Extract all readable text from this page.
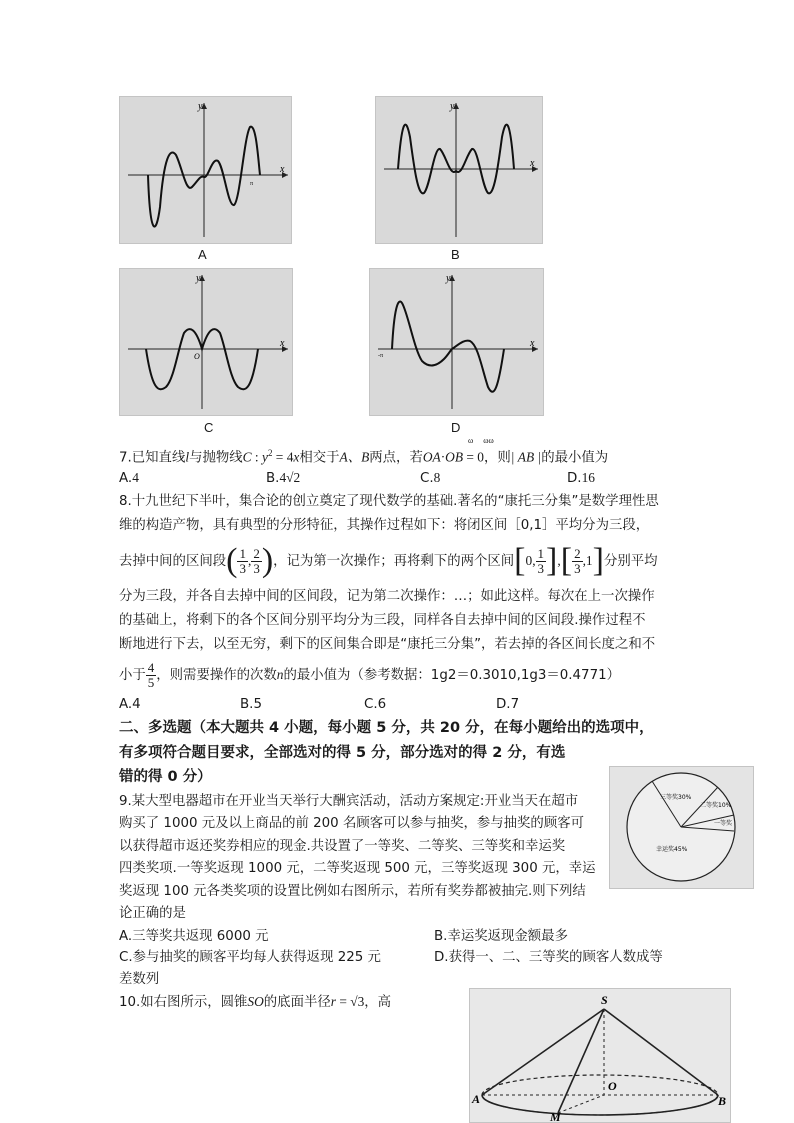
y
x
π
A
y
x
B
y
x
O
C
y
x
-π
D
ω     ωω
7.已知直线l与抛物线C : $y^2 = 4x$相交于A、B两点，若OA·OB = 0，则| AB |的最小值为
A.4	B.4√2	C.8	D.16
8.十九世纪下半叶，集合论的创立奠定了现代数学的基础.著名的“康托三分集”是数学理性思
维的构造产物，具有典型的分形特征，其操作过程如下：将闭区间［0,1］平均分为三段，
去掉中间的区间段( $\frac{1}{3}$ , $\frac{2}{3}$ )，记为第一次操作；再将剩下的两个区间[0, $\frac{1}{3}$ ],[ $\frac{2}{3} ,1$]分别平均
分为三段，并各自去掉中间的区间段，记为第二次操作：…；如此这样。每次在上一次操作
的基础上，将剩下的各个区间分别平均分为三段，同样各自去掉中间的区间段.操作过程不
断地进行下去，以至无穷，剩下的区间集合即是“康托三分集”，若去掉的各区间长度之和不
小于 $\frac{4}{5}$ ，则需要操作的次数n的最小值为（参考数据：1g2＝0.3010,1g3＝0.4771）
A.4	B.5	C.6	D.7
二、多选题（本大题共 4 小题，每小题 5 分，共 20 分，在每小题给出的选项中，
有多项符合题目要求，全部选对的得 5 分，部分选对的得 2 分，有选
错的得 0 分）
三等奖30%
二等奖10%
一等奖
幸运奖45%
9.某大型电器超市在开业当天举行大酬宾活动，活动方案规定:开业当天在超市
购买了 1000 元及以上商品的前 200 名顾客可以参与抽奖，参与抽奖的顾客可
以获得超市返还奖券相应的现金.共设置了一等奖、二等奖、三等奖和幸运奖
四类奖项.一等奖返现 1000 元，二等奖返现 500 元，三等奖返现 300 元，幸运
奖返现 100 元各类奖项的设置比例如右图所示，若所有奖券都被抽完.则下列结
论正确的是
A.三等奖共返现 6000 元	B.幸运奖返现金额最多
C.参与抽奖的顾客平均每人获得返现 225 元	D.获得一、二、三等奖的顾客人数成等
差数列
10.如右图所示，圆锥SO的底面半径r = √3，高	S
O
A	B
M
